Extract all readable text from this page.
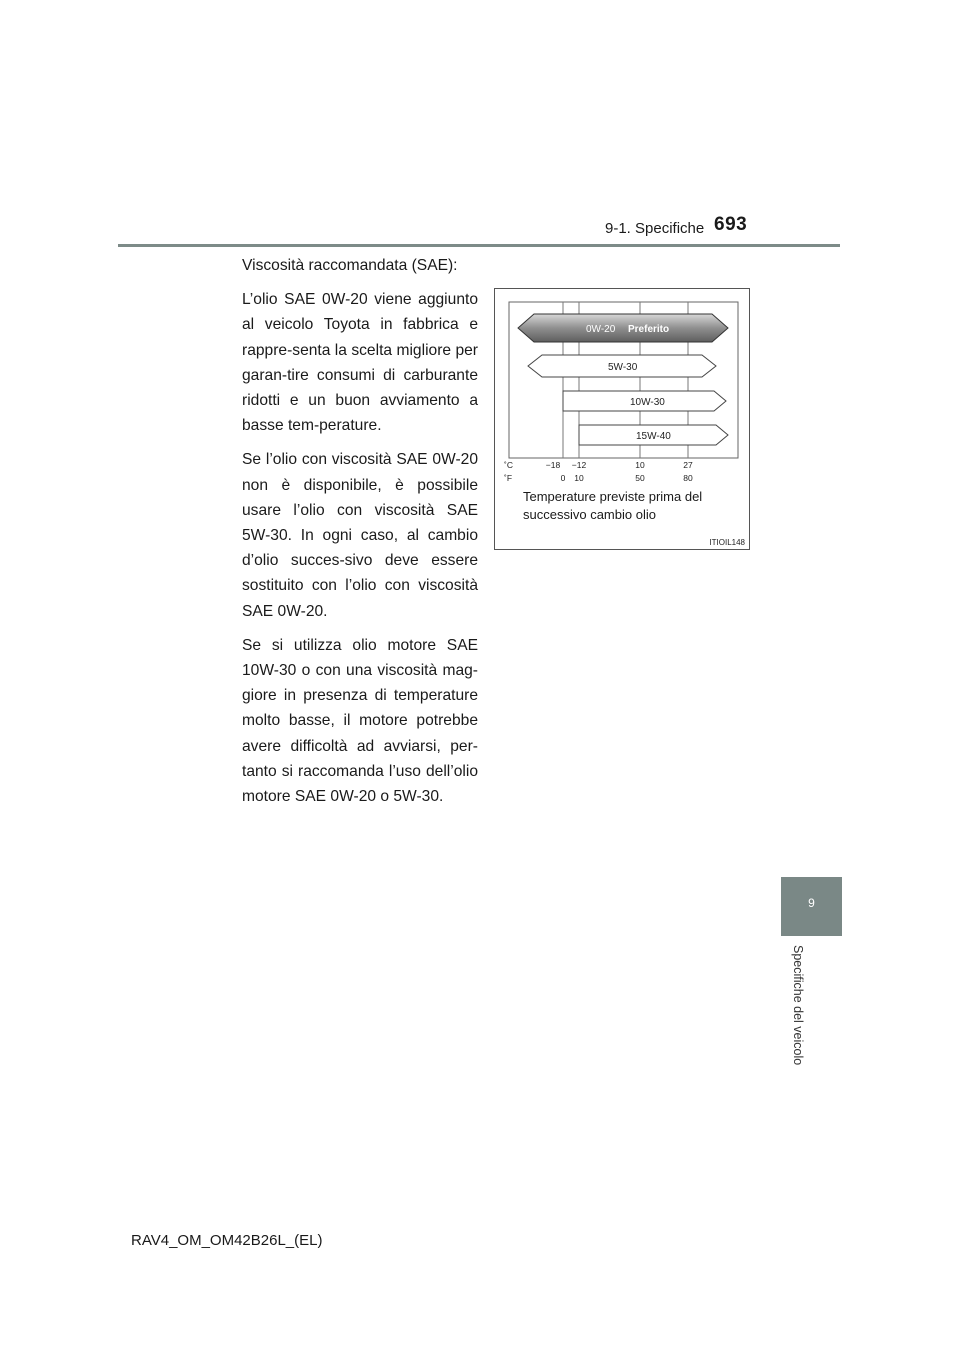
9-1. Specifiche 693

Viscosità raccomandata (SAE):

L’olio SAE 0W-20 viene aggiunto al veicolo Toyota in fabbrica e rappre-senta la scelta migliore per garan-tire consumi di carburante ridotti e un buon avviamento a basse tem-perature.

Se l’olio con viscosità SAE 0W-20 non è disponibile, è possibile usare l’olio con viscosità SAE 5W-30. In ogni caso, al cambio d’olio succes-sivo deve essere sostituito con l’olio con viscosità SAE 0W-20.

Se si utilizza olio motore SAE 10W-30 o con una viscosità mag-giore in presenza di temperature molto basse, il motore potrebbe avere difficoltà ad avviarsi, per-tanto si raccomanda l’uso dell’olio motore SAE 0W-20 o 5W-30.

0W-20 Preferito
5W-30
10W-30
15W-40
˚C	−18 −12	10	27
˚F	0 10	50	80
Temperature previste prima del
successivo cambio olio
ITIOIL148
9
Specifiche del veicolo
RAV4_OM_OM42B26L_(EL)
